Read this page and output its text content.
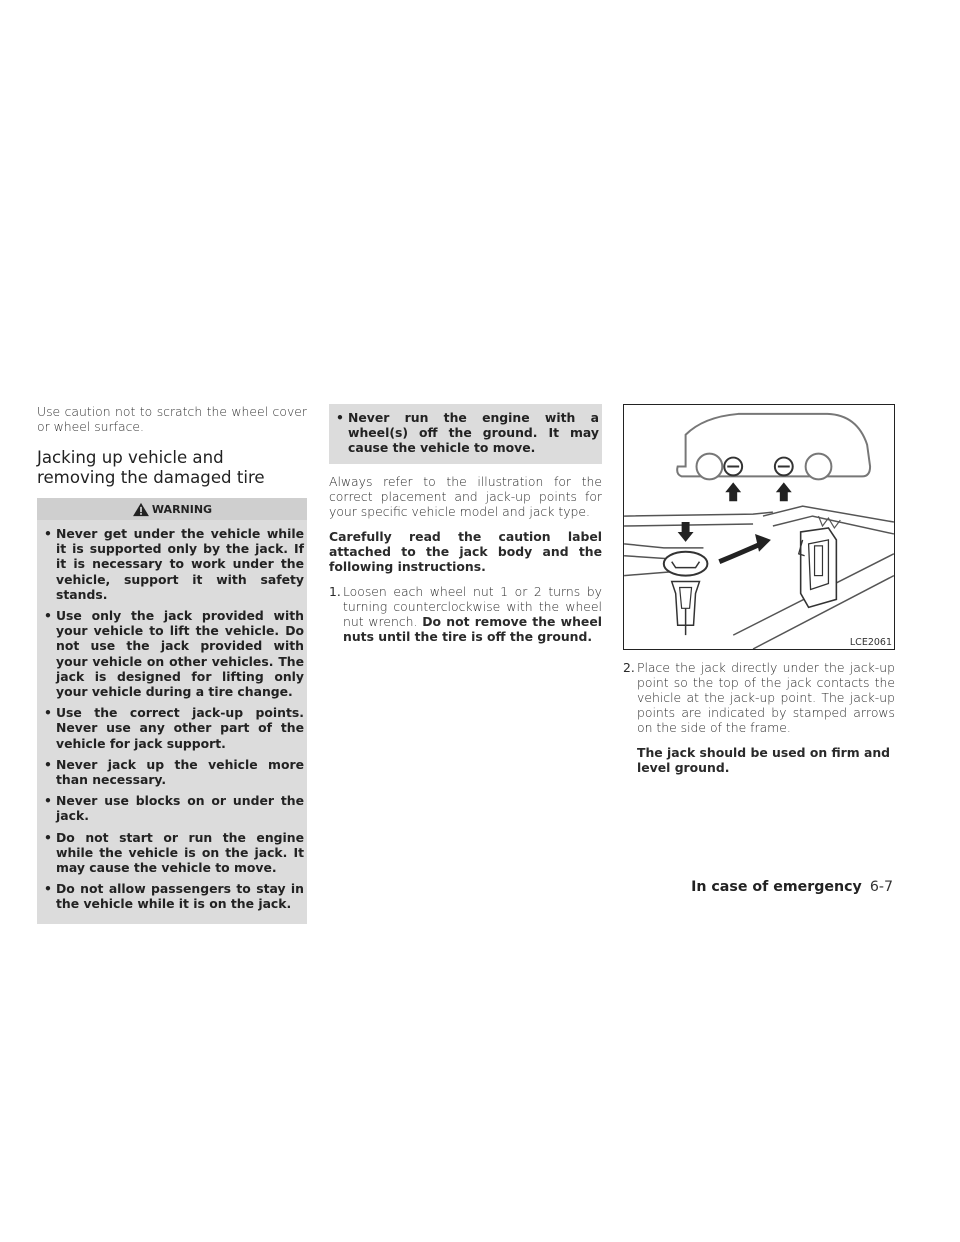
Use caution not to scratch the wheel cover or wheel surface.

Jacking up vehicle and removing the damaged tire
WARNING
• Never get under the vehicle while it is supported only by the jack. If it is necessary to work under the vehicle, support it with safety stands.
• Use only the jack provided with your vehicle to lift the vehicle. Do not use the jack provided with your vehicle on other vehicles. The jack is designed for lifting only your vehicle during a tire change.
• Use the correct jack-up points. Never use any other part of the vehicle for jack support.
• Never jack up the vehicle more than necessary.
• Never use blocks on or under the jack.
• Do not start or run the engine while the vehicle is on the jack. It may cause the vehicle to move.
• Do not allow passengers to stay in the vehicle while it is on the jack.
• Never run the engine with a wheel(s) off the ground. It may cause the vehicle to move.

Always refer to the illustration for the correct placement and jack-up points for your specific vehicle model and jack type.

Carefully read the caution label attached to the jack body and the following instructions.

1. Loosen each wheel nut 1 or 2 turns by turning counterclockwise with the wheel nut wrench. Do not remove the wheel nuts until the tire is off the ground.	LCE2061
2. Place the jack directly under the jack-up point so the top of the jack contacts the vehicle at the jack-up point. The jack-up points are indicated by stamped arrows on the side of the frame.
The jack should be used on firm and level ground.
In case of emergency 6-7
